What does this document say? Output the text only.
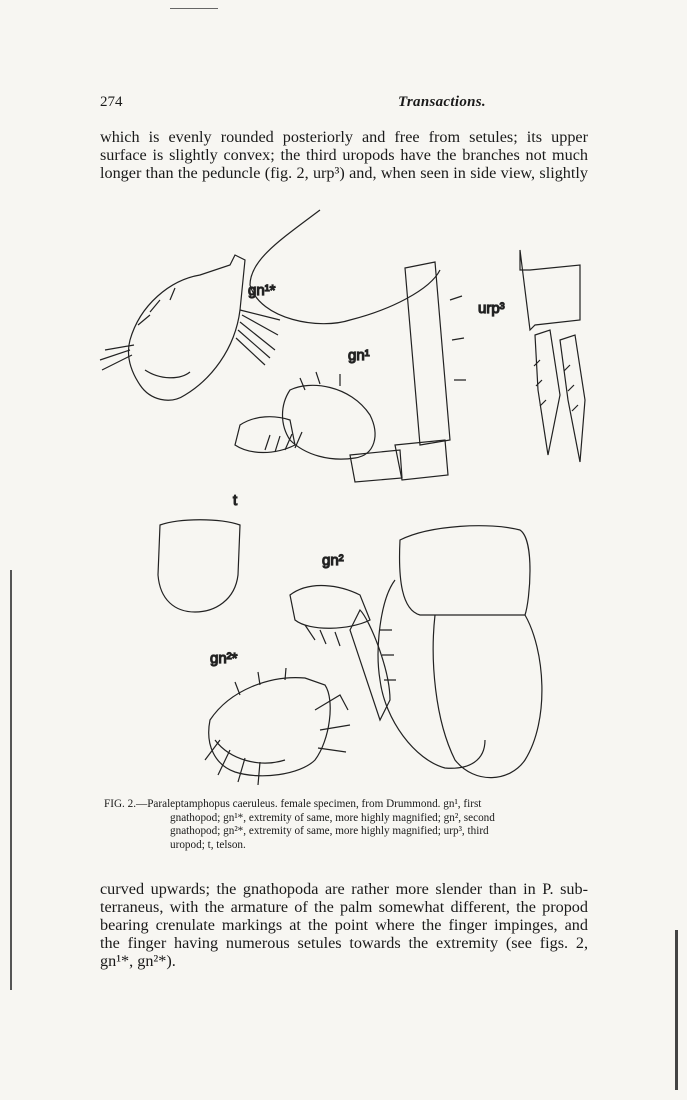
274	Transactions.
which is evenly rounded posteriorly and free from setules; its upper
surface is slightly convex; the third uropods have the branches not much
longer than the peduncle (fig. 2, urp³) and, when seen in side view, slightly
gn¹*
gn¹
urp³
t
gn²
gn²*
FIG. 2.—Paraleptamphopus caeruleus. female specimen, from Drummond. gn¹, first
gnathopod; gn¹*, extremity of same, more highly magnified; gn², second
gnathopod; gn²*, extremity of same, more highly magnified; urp³, third
uropod; t, telson.
curved upwards; the gnathopoda are rather more slender than in P. sub-
terraneus, with the armature of the palm somewhat different, the propod
bearing crenulate markings at the point where the finger impinges, and
the finger having numerous setules towards the extremity (see figs. 2,
gn¹*, gn²*).
